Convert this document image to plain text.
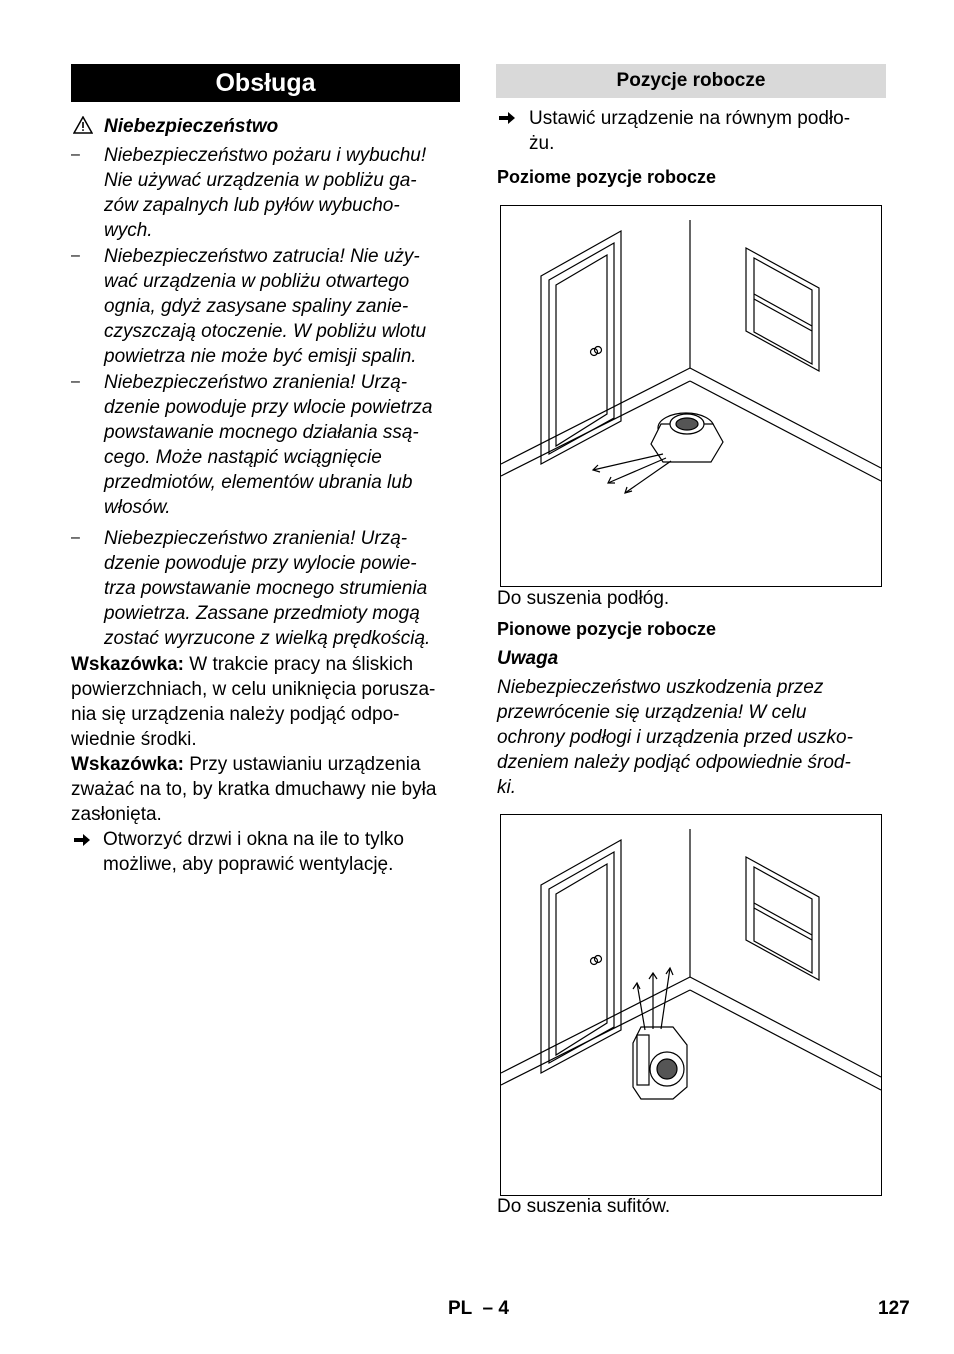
Obsługa
Niebezpieczeństwo
– Niebezpieczeństwo pożaru i wybuchu!
Nie używać urządzenia w pobliżu ga-
zów zapalnych lub pyłów wybucho-
wych.
– Niebezpieczeństwo zatrucia! Nie uży-
wać urządzenia w pobliżu otwartego
ognia, gdyż zasysane spaliny zanie-
czyszczają otoczenie. W pobliżu wlotu
powietrza nie może być emisji spalin.
– Niebezpieczeństwo zranienia! Urzą-
dzenie powoduje przy wlocie powietrza
powstawanie mocnego działania ssą-
cego. Może nastąpić wciągnięcie
przedmiotów, elementów ubrania lub
włosów.
– Niebezpieczeństwo zranienia! Urzą-
dzenie powoduje przy wylocie powie-
trza powstawanie mocnego strumienia
powietrza. Zassane przedmioty mogą
zostać wyrzucone z wielką prędkością.
Wskazówka: W trakcie pracy na śliskich
powierzchniach, w celu uniknięcia porusza-
nia się urządzenia należy podjąć odpo-
wiednie środki.
Wskazówka: Przy ustawianiu urządzenia
zważać na to, by kratka dmuchawy nie była
zasłonięta.
Otworzyć drzwi i okna na ile to tylko
możliwe, aby poprawić wentylację.
Pozycje robocze
Ustawić urządzenie na równym podło-
żu.
Poziome pozycje robocze
Do suszenia podłóg.
Pionowe pozycje robocze
Uwaga
Niebezpieczeństwo uszkodzenia przez
przewrócenie się urządzenia! W celu
ochrony podłogi i urządzenia przed uszko-
dzeniem należy podjąć odpowiednie środ-
ki.
Do suszenia sufitów.
PL  – 4	127
